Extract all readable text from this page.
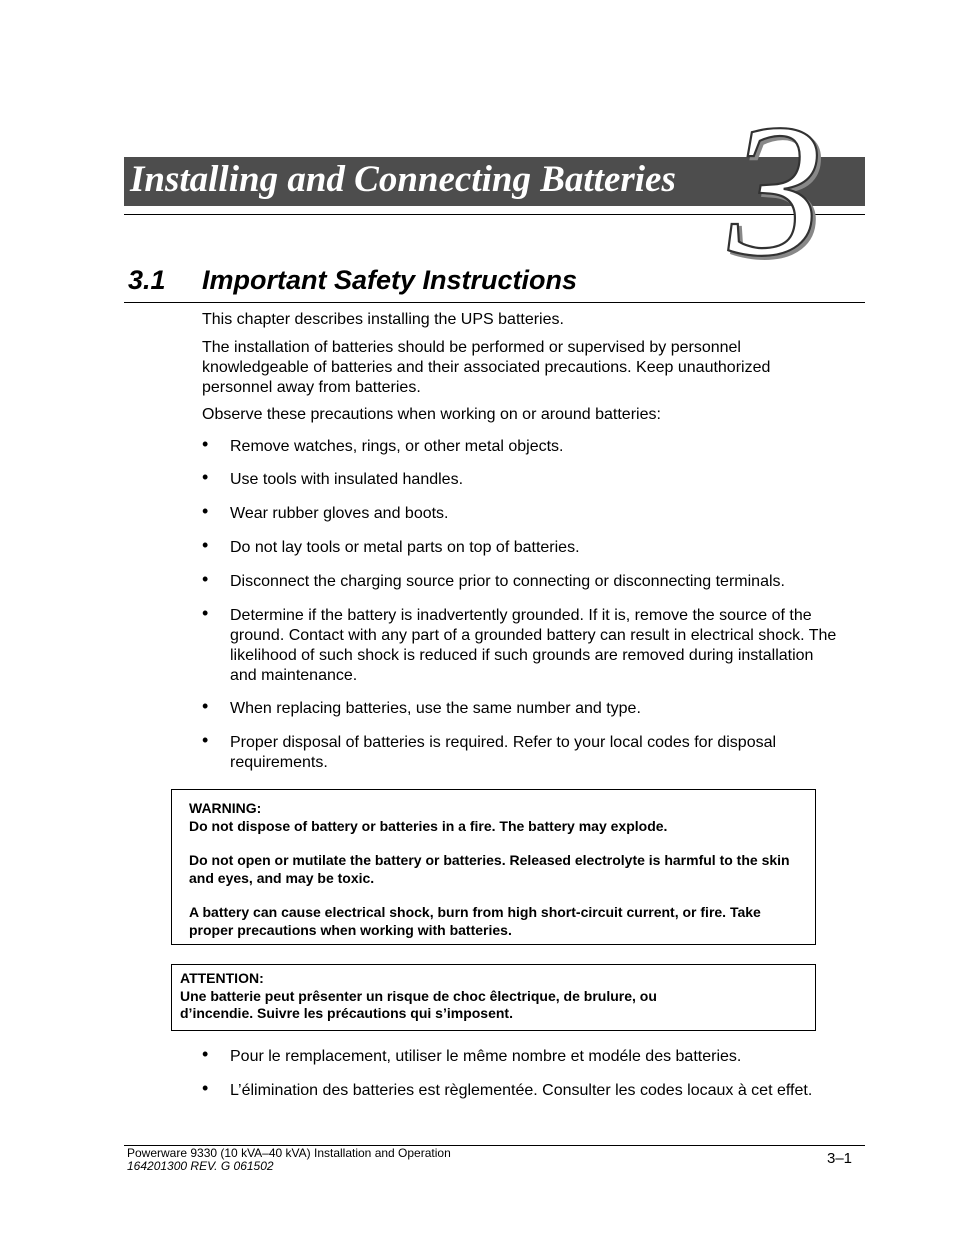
Installing and Connecting Batteries 3
3.1 Important Safety Instructions
This chapter describes installing the UPS batteries.
The installation of batteries should be performed or supervised by personnel knowledgeable of batteries and their associated precautions. Keep unauthorized personnel away from batteries.
Observe these precautions when working on or around batteries:
• Remove watches, rings, or other metal objects.
• Use tools with insulated handles.
• Wear rubber gloves and boots.
• Do not lay tools or metal parts on top of batteries.
• Disconnect the charging source prior to connecting or disconnecting terminals.
• Determine if the battery is inadvertently grounded. If it is, remove the source of the ground. Contact with any part of a grounded battery can result in electrical shock. The likelihood of such shock is reduced if such grounds are removed during installation and maintenance.
• When replacing batteries, use the same number and type.
• Proper disposal of batteries is required. Refer to your local codes for disposal requirements.

WARNING:

Do not dispose of battery or batteries in a fire. The battery may explode.

Do not open or mutilate the battery or batteries. Released electrolyte is harmful to the skin and eyes, and may be toxic.

A battery can cause electrical shock, burn from high short-circuit current, or fire. Take proper precautions when working with batteries.

ATTENTION:

Une batterie peut prêsenter un risque de choc êlectrique, de brulure, ou d’incendie. Suivre les précautions qui s’imposent.

• Pour le remplacement, utiliser le même nombre et modéle des batteries.
• L’élimination des batteries est règlementée. Consulter les codes locaux à cet effet.
Powerware 9330 (10 kVA–40 kVA) Installation and Operation
164201300 REV. G 061502	3–1
